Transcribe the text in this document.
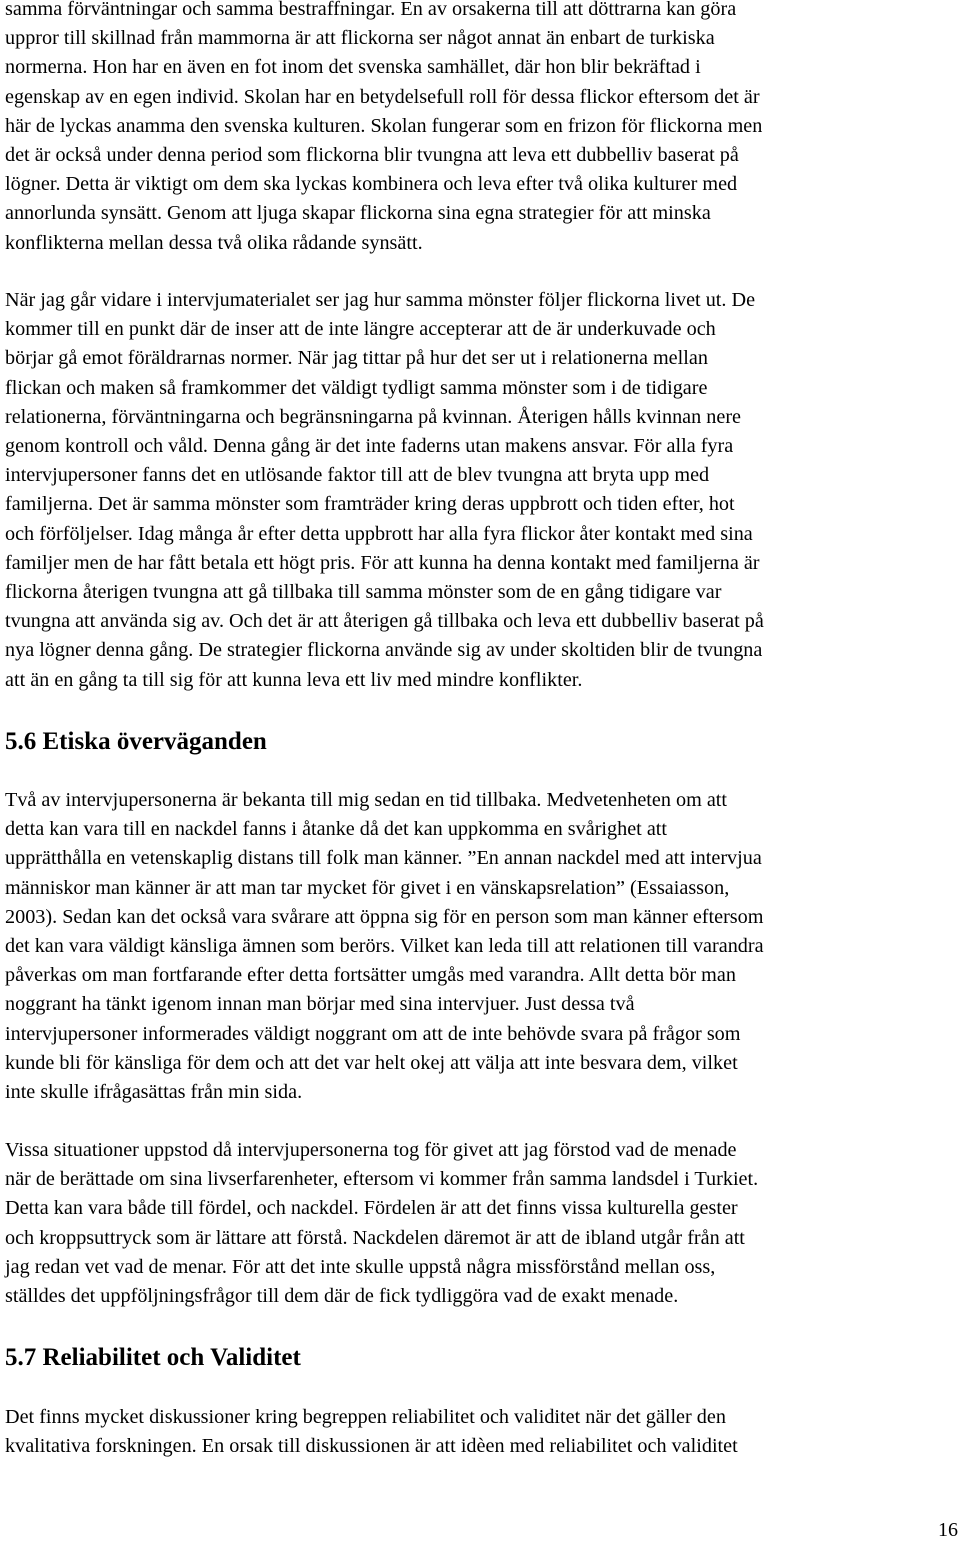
samma förväntningar och samma bestraffningar. En av orsakerna till att döttrarna kan göra
uppror till skillnad från mammorna är att flickorna ser något annat än enbart de turkiska
normerna. Hon har en även en fot inom det svenska samhället, där hon blir bekräftad i
egenskap av en egen individ. Skolan har en betydelsefull roll för dessa flickor eftersom det är
här de lyckas anamma den svenska kulturen. Skolan fungerar som en frizon för flickorna men
det är också under denna period som flickorna blir tvungna att leva ett dubbelliv baserat på
lögner. Detta är viktigt om dem ska lyckas kombinera och leva efter två olika kulturer med
annorlunda synsätt. Genom att ljuga skapar flickorna sina egna strategier för att minska
konflikterna mellan dessa två olika rådande synsätt.

När jag går vidare i intervjumaterialet ser jag hur samma mönster följer flickorna livet ut. De
kommer till en punkt där de inser att de inte längre accepterar att de är underkuvade och
börjar gå emot föräldrarnas normer. När jag tittar på hur det ser ut i relationerna mellan
flickan och maken så framkommer det väldigt tydligt samma mönster som i de tidigare
relationerna, förväntningarna och begränsningarna på kvinnan. Återigen hålls kvinnan nere
genom kontroll och våld. Denna gång är det inte faderns utan makens ansvar. För alla fyra
intervjupersoner fanns det en utlösande faktor till att de blev tvungna att bryta upp med
familjerna. Det är samma mönster som framträder kring deras uppbrott och tiden efter, hot
och förföljelser. Idag många år efter detta uppbrott har alla fyra flickor åter kontakt med sina
familjer men de har fått betala ett högt pris. För att kunna ha denna kontakt med familjerna är
flickorna återigen tvungna att gå tillbaka till samma mönster som de en gång tidigare var
tvungna att använda sig av. Och det är att återigen gå tillbaka och leva ett dubbelliv baserat på
nya lögner denna gång. De strategier flickorna använde sig av under skoltiden blir de tvungna
att än en gång ta till sig för att kunna leva ett liv med mindre konflikter.

5.6 Etiska överväganden

Två av intervjupersonerna är bekanta till mig sedan en tid tillbaka. Medvetenheten om att
detta kan vara till en nackdel fanns i åtanke då det kan uppkomma en svårighet att
upprätthålla en vetenskaplig distans till folk man känner. ”En annan nackdel med att intervjua
människor man känner är att man tar mycket för givet i en vänskapsrelation” (Essaiasson,
2003). Sedan kan det också vara svårare att öppna sig för en person som man känner eftersom
det kan vara väldigt känsliga ämnen som berörs. Vilket kan leda till att relationen till varandra
påverkas om man fortfarande efter detta fortsätter umgås med varandra. Allt detta bör man
noggrant ha tänkt igenom innan man börjar med sina intervjuer. Just dessa två
intervjupersoner informerades väldigt noggrant om att de inte behövde svara på frågor som
kunde bli för känsliga för dem och att det var helt okej att välja att inte besvara dem, vilket
inte skulle ifrågasättas från min sida.

Vissa situationer uppstod då intervjupersonerna tog för givet att jag förstod vad de menade
när de berättade om sina livserfarenheter, eftersom vi kommer från samma landsdel i Turkiet.
Detta kan vara både till fördel, och nackdel. Fördelen är att det finns vissa kulturella gester
och kroppsuttryck som är lättare att förstå. Nackdelen däremot är att de ibland utgår från att
jag redan vet vad de menar. För att det inte skulle uppstå några missförstånd mellan oss,
ställdes det uppföljningsfrågor till dem där de fick tydliggöra vad de exakt menade.

5.7 Reliabilitet och Validitet

Det finns mycket diskussioner kring begreppen reliabilitet och validitet när det gäller den
kvalitativa forskningen. En orsak till diskussionen är att idèen med reliabilitet och validitet

16
